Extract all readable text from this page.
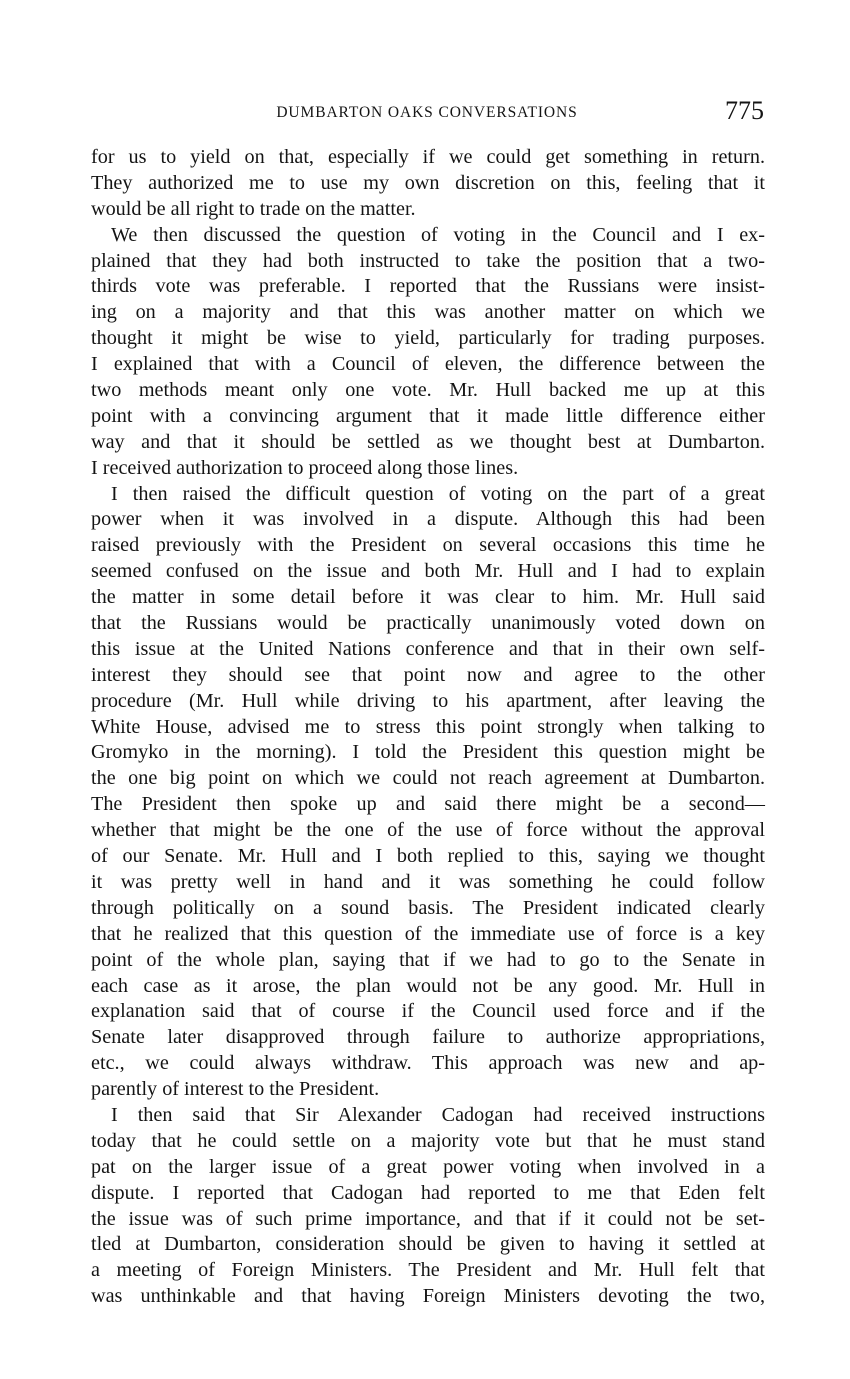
DUMBARTON OAKS CONVERSATIONS	775
for us to yield on that, especially if we could get something in return.
They authorized me to use my own discretion on this, feeling that it
would be all right to trade on the matter.
We then discussed the question of voting in the Council and I ex-
plained that they had both instructed to take the position that a two-
thirds vote was preferable. I reported that the Russians were insist-
ing on a majority and that this was another matter on which we
thought it might be wise to yield, particularly for trading purposes.
I explained that with a Council of eleven, the difference between the
two methods meant only one vote. Mr. Hull backed me up at this
point with a convincing argument that it made little difference either
way and that it should be settled as we thought best at Dumbarton.
I received authorization to proceed along those lines.
I then raised the difficult question of voting on the part of a great
power when it was involved in a dispute. Although this had been
raised previously with the President on several occasions this time he
seemed confused on the issue and both Mr. Hull and I had to explain
the matter in some detail before it was clear to him. Mr. Hull said
that the Russians would be practically unanimously voted down on
this issue at the United Nations conference and that in their own self-
interest they should see that point now and agree to the other
procedure (Mr. Hull while driving to his apartment, after leaving the
White House, advised me to stress this point strongly when talking to
Gromyko in the morning). I told the President this question might be
the one big point on which we could not reach agreement at Dumbarton.
The President then spoke up and said there might be a second—
whether that might be the one of the use of force without the approval
of our Senate. Mr. Hull and I both replied to this, saying we thought
it was pretty well in hand and it was something he could follow
through politically on a sound basis. The President indicated clearly
that he realized that this question of the immediate use of force is a key
point of the whole plan, saying that if we had to go to the Senate in
each case as it arose, the plan would not be any good. Mr. Hull in
explanation said that of course if the Council used force and if the
Senate later disapproved through failure to authorize appropriations,
etc., we could always withdraw. This approach was new and ap-
parently of interest to the President.
I then said that Sir Alexander Cadogan had received instructions
today that he could settle on a majority vote but that he must stand
pat on the larger issue of a great power voting when involved in a
dispute. I reported that Cadogan had reported to me that Eden felt
the issue was of such prime importance, and that if it could not be set-
tled at Dumbarton, consideration should be given to having it settled at
a meeting of Foreign Ministers. The President and Mr. Hull felt that
was unthinkable and that having Foreign Ministers devoting the two,
